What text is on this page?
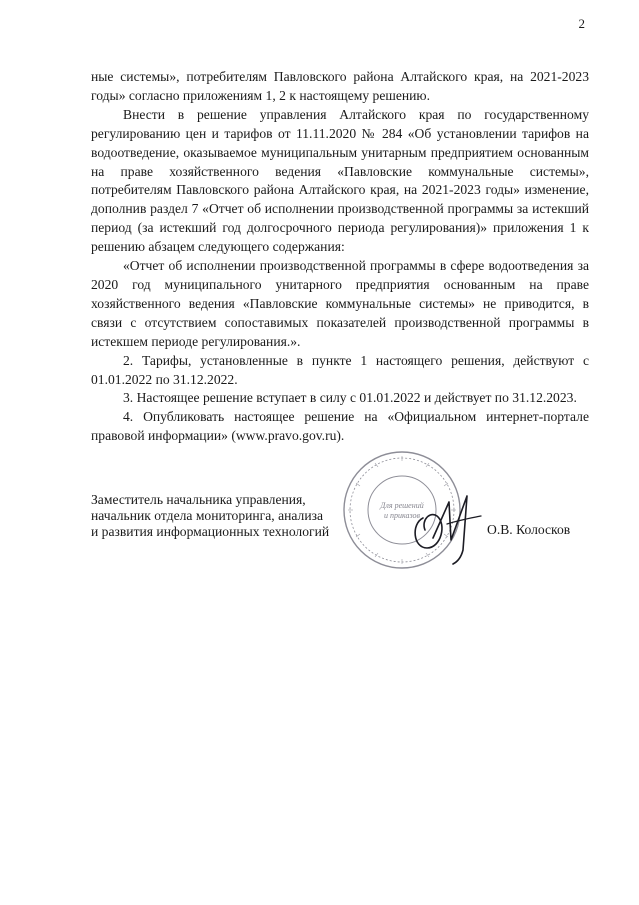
2

ные системы», потребителям Павловского района Алтайского края, на 2021-2023 годы» согласно приложениям 1, 2 к настоящему решению.

Внести в решение управления Алтайского края по государственному регулированию цен и тарифов от 11.11.2020 № 284 «Об установлении тарифов на водоотведение, оказываемое муниципальным унитарным предприятием основанным на праве хозяйственного ведения «Павловские коммунальные системы», потребителям Павловского района Алтайского края, на 2021-2023 годы» изменение, дополнив раздел 7 «Отчет об исполнении производственной программы за истекший период (за истекший год долгосрочного периода регулирования)» приложения 1 к решению абзацем следующего содержания:

«Отчет об исполнении производственной программы в сфере водоотведения за 2020 год муниципального унитарного предприятия основанным на праве хозяйственного ведения «Павловские коммунальные системы» не приводится, в связи с отсутствием сопоставимых показателей производственной программы в истекшем периоде регулирования.».

2. Тарифы, установленные в пункте 1 настоящего решения, действуют с 01.01.2022 по 31.12.2022.

3. Настоящее решение вступает в силу с 01.01.2022 и действует по 31.12.2023.

4. Опубликовать настоящее решение на «Официальном интернет-портале правовой информации» (www.pravo.gov.ru).

Для решений
и приказов
Заместитель начальника управления,
начальник отдела мониторинга, анализа
и развития информационных технологий	О.В. Колосков
